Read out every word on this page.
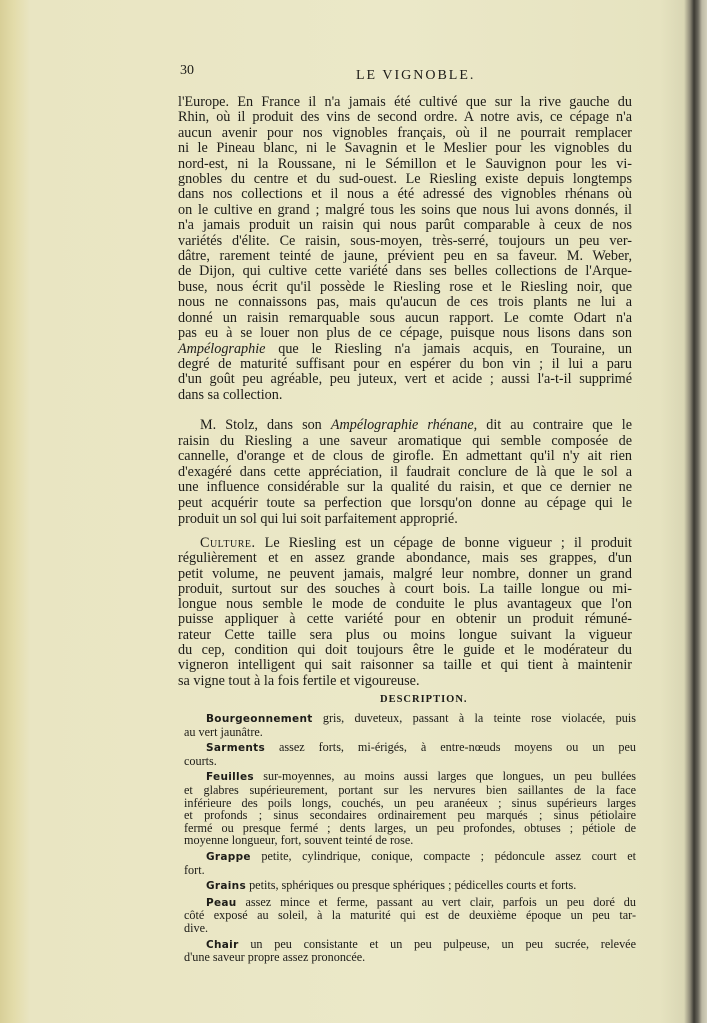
30	LE VIGNOBLE.
l'Europe. En France il n'a jamais été cultivé que sur la rive gauche du
Rhin, où il produit des vins de second ordre. A notre avis, ce cépage n'a
aucun avenir pour nos vignobles français, où il ne pourrait remplacer
ni le Pineau blanc, ni le Savagnin et le Meslier pour les vignobles du
nord-est, ni la Roussane, ni le Sémillon et le Sauvignon pour les vi-
gnobles du centre et du sud-ouest. Le Riesling existe depuis longtemps
dans nos collections et il nous a été adressé des vignobles rhénans où
on le cultive en grand ; malgré tous les soins que nous lui avons donnés, il
n'a jamais produit un raisin qui nous parût comparable à ceux de nos
variétés d'élite. Ce raisin, sous-moyen, très-serré, toujours un peu ver-
dâtre, rarement teinté de jaune, prévient peu en sa faveur. M. Weber,
de Dijon, qui cultive cette variété dans ses belles collections de l'Arque-
buse, nous écrit qu'il possède le Riesling rose et le Riesling noir, que
nous ne connaissons pas, mais qu'aucun de ces trois plants ne lui a
donné un raisin remarquable sous aucun rapport. Le comte Odart n'a
pas eu à se louer non plus de ce cépage, puisque nous lisons dans son
Ampélographie que le Riesling n'a jamais acquis, en Touraine, un
degré de maturité suffisant pour en espérer du bon vin ; il lui a paru
d'un goût peu agréable, peu juteux, vert et acide ; aussi l'a-t-il supprimé
dans sa collection.
M. Stolz, dans son Ampélographie rhénane, dit au contraire que le
raisin du Riesling a une saveur aromatique qui semble composée de
cannelle, d'orange et de clous de girofle. En admettant qu'il n'y ait rien
d'exagéré dans cette appréciation, il faudrait conclure de là que le sol a
une influence considérable sur la qualité du raisin, et que ce dernier ne
peut acquérir toute sa perfection que lorsqu'on donne au cépage qui le
produit un sol qui lui soit parfaitement approprié.
Culture. Le Riesling est un cépage de bonne vigueur ; il produit
régulièrement et en assez grande abondance, mais ses grappes, d'un
petit volume, ne peuvent jamais, malgré leur nombre, donner un grand
produit, surtout sur des souches à court bois. La taille longue ou mi-
longue nous semble le mode de conduite le plus avantageux que l'on
puisse appliquer à cette variété pour en obtenir un produit rémuné-
rateur Cette taille sera plus ou moins longue suivant la vigueur
du cep, condition qui doit toujours être le guide et le modérateur du
vigneron intelligent qui sait raisonner sa taille et qui tient à maintenir
sa vigne tout à la fois fertile et vigoureuse.
DESCRIPTION.
Bourgeonnement gris, duveteux, passant à la teinte rose violacée, puis
au vert jaunâtre.
Sarments assez forts, mi-érigés, à entre-nœuds moyens ou un peu
courts.
Feuilles sur-moyennes, au moins aussi larges que longues, un peu bullées
et glabres supérieurement, portant sur les nervures bien saillantes de la face
inférieure des poils longs, couchés, un peu aranéeux ; sinus supérieurs larges
et profonds ; sinus secondaires ordinairement peu marqués ; sinus pétiolaire
fermé ou presque fermé ; dents larges, un peu profondes, obtuses ; pétiole de
moyenne longueur, fort, souvent teinté de rose.
Grappe petite, cylindrique, conique, compacte ; pédoncule assez court et
fort.
Grains petits, sphériques ou presque sphériques ; pédicelles courts et forts.
Peau assez mince et ferme, passant au vert clair, parfois un peu doré du
côté exposé au soleil, à la maturité qui est de deuxième époque un peu tar-
dive.
Chair un peu consistante et un peu pulpeuse, un peu sucrée, relevée
d'une saveur propre assez prononcée.
